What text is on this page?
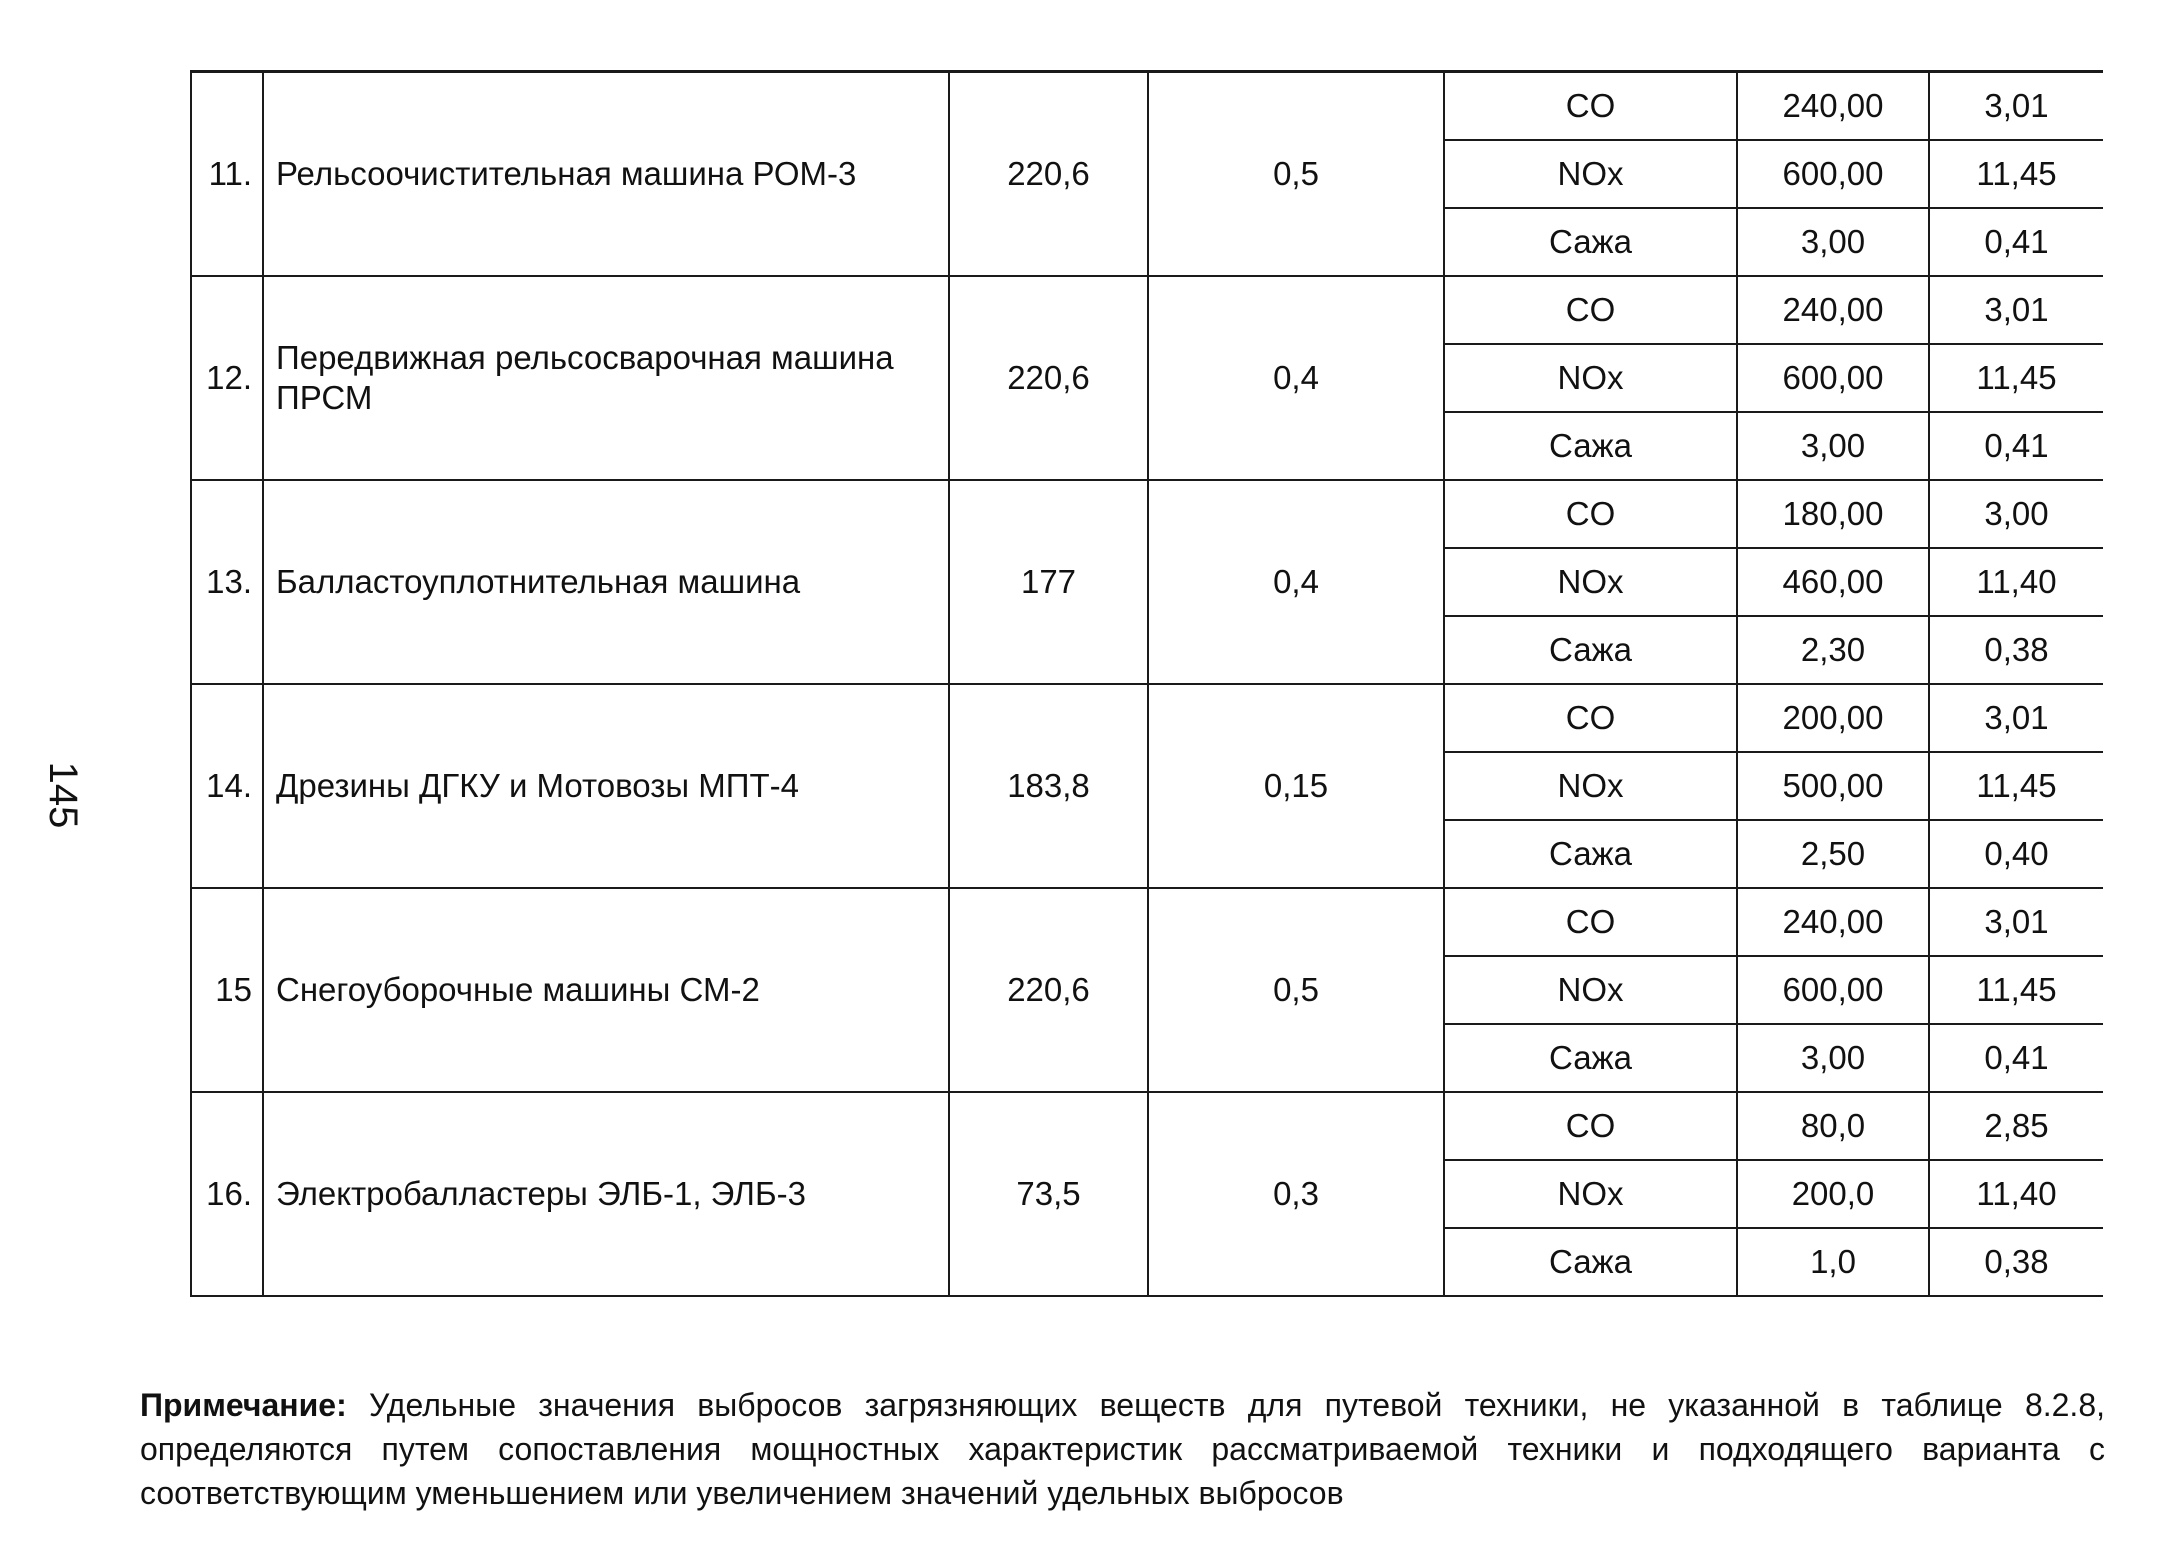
145
11.	Рельсоочистительная машина РОМ-3	220,6	0,5	CO	240,00	3,01
				NOx	600,00	11,45
				Сажа	3,00	0,41
12.	Передвижная рельсосварочная машина ПРСМ	220,6	0,4	CO	240,00	3,01
				NOx	600,00	11,45
				Сажа	3,00	0,41
13.	Балластоуплотнительная машина	177	0,4	CO	180,00	3,00
				NOx	460,00	11,40
				Сажа	2,30	0,38
14.	Дрезины ДГКУ и Мотовозы МПТ-4	183,8	0,15	CO	200,00	3,01
				NOx	500,00	11,45
				Сажа	2,50	0,40
15	Снегоуборочные машины СМ-2	220,6	0,5	CO	240,00	3,01
				NOx	600,00	11,45
				Сажа	3,00	0,41
16.	Электробалластеры ЭЛБ-1, ЭЛБ-3	73,5	0,3	CO	80,0	2,85
				NOx	200,0	11,40
				Сажа	1,0	0,38
Примечание: Удельные значения выбросов загрязняющих веществ для путевой техники, не указанной в таблице 8.2.8, определяются путем сопоставления мощностных характеристик рассматриваемой техники и подходящего варианта с соответствующим уменьшением или увеличением значений удельных выбросов
